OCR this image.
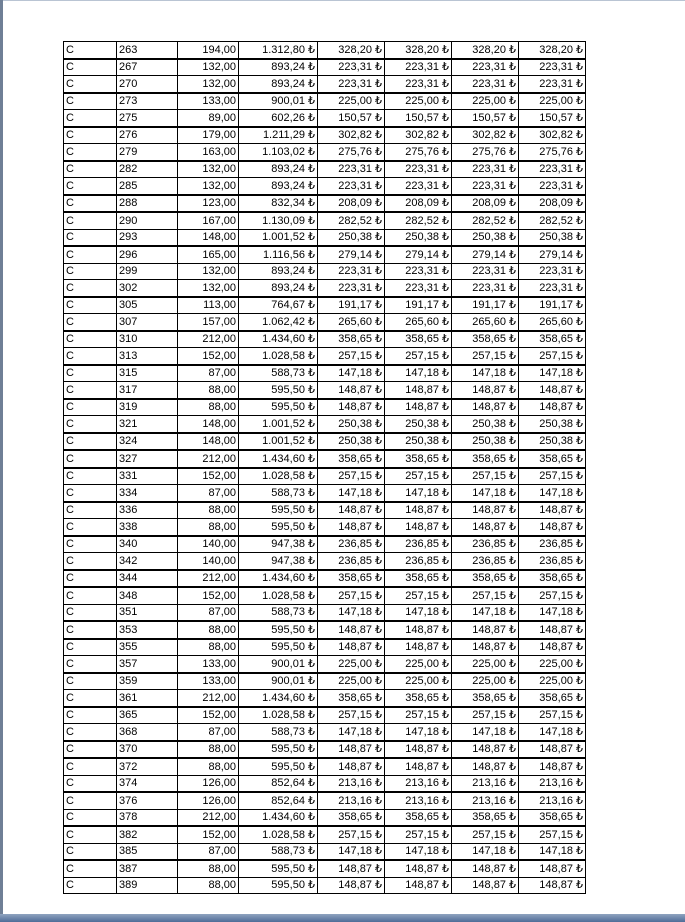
C	263	194,00	1.312,80 ₺	328,20 ₺	328,20 ₺	328,20 ₺	328,20 ₺
C	267	132,00	893,24 ₺	223,31 ₺	223,31 ₺	223,31 ₺	223,31 ₺
C	270	132,00	893,24 ₺	223,31 ₺	223,31 ₺	223,31 ₺	223,31 ₺
C	273	133,00	900,01 ₺	225,00 ₺	225,00 ₺	225,00 ₺	225,00 ₺
C	275	89,00	602,26 ₺	150,57 ₺	150,57 ₺	150,57 ₺	150,57 ₺
C	276	179,00	1.211,29 ₺	302,82 ₺	302,82 ₺	302,82 ₺	302,82 ₺
C	279	163,00	1.103,02 ₺	275,76 ₺	275,76 ₺	275,76 ₺	275,76 ₺
C	282	132,00	893,24 ₺	223,31 ₺	223,31 ₺	223,31 ₺	223,31 ₺
C	285	132,00	893,24 ₺	223,31 ₺	223,31 ₺	223,31 ₺	223,31 ₺
C	288	123,00	832,34 ₺	208,09 ₺	208,09 ₺	208,09 ₺	208,09 ₺
C	290	167,00	1.130,09 ₺	282,52 ₺	282,52 ₺	282,52 ₺	282,52 ₺
C	293	148,00	1.001,52 ₺	250,38 ₺	250,38 ₺	250,38 ₺	250,38 ₺
C	296	165,00	1.116,56 ₺	279,14 ₺	279,14 ₺	279,14 ₺	279,14 ₺
C	299	132,00	893,24 ₺	223,31 ₺	223,31 ₺	223,31 ₺	223,31 ₺
C	302	132,00	893,24 ₺	223,31 ₺	223,31 ₺	223,31 ₺	223,31 ₺
C	305	113,00	764,67 ₺	191,17 ₺	191,17 ₺	191,17 ₺	191,17 ₺
C	307	157,00	1.062,42 ₺	265,60 ₺	265,60 ₺	265,60 ₺	265,60 ₺
C	310	212,00	1.434,60 ₺	358,65 ₺	358,65 ₺	358,65 ₺	358,65 ₺
C	313	152,00	1.028,58 ₺	257,15 ₺	257,15 ₺	257,15 ₺	257,15 ₺
C	315	87,00	588,73 ₺	147,18 ₺	147,18 ₺	147,18 ₺	147,18 ₺
C	317	88,00	595,50 ₺	148,87 ₺	148,87 ₺	148,87 ₺	148,87 ₺
C	319	88,00	595,50 ₺	148,87 ₺	148,87 ₺	148,87 ₺	148,87 ₺
C	321	148,00	1.001,52 ₺	250,38 ₺	250,38 ₺	250,38 ₺	250,38 ₺
C	324	148,00	1.001,52 ₺	250,38 ₺	250,38 ₺	250,38 ₺	250,38 ₺
C	327	212,00	1.434,60 ₺	358,65 ₺	358,65 ₺	358,65 ₺	358,65 ₺
C	331	152,00	1.028,58 ₺	257,15 ₺	257,15 ₺	257,15 ₺	257,15 ₺
C	334	87,00	588,73 ₺	147,18 ₺	147,18 ₺	147,18 ₺	147,18 ₺
C	336	88,00	595,50 ₺	148,87 ₺	148,87 ₺	148,87 ₺	148,87 ₺
C	338	88,00	595,50 ₺	148,87 ₺	148,87 ₺	148,87 ₺	148,87 ₺
C	340	140,00	947,38 ₺	236,85 ₺	236,85 ₺	236,85 ₺	236,85 ₺
C	342	140,00	947,38 ₺	236,85 ₺	236,85 ₺	236,85 ₺	236,85 ₺
C	344	212,00	1.434,60 ₺	358,65 ₺	358,65 ₺	358,65 ₺	358,65 ₺
C	348	152,00	1.028,58 ₺	257,15 ₺	257,15 ₺	257,15 ₺	257,15 ₺
C	351	87,00	588,73 ₺	147,18 ₺	147,18 ₺	147,18 ₺	147,18 ₺
C	353	88,00	595,50 ₺	148,87 ₺	148,87 ₺	148,87 ₺	148,87 ₺
C	355	88,00	595,50 ₺	148,87 ₺	148,87 ₺	148,87 ₺	148,87 ₺
C	357	133,00	900,01 ₺	225,00 ₺	225,00 ₺	225,00 ₺	225,00 ₺
C	359	133,00	900,01 ₺	225,00 ₺	225,00 ₺	225,00 ₺	225,00 ₺
C	361	212,00	1.434,60 ₺	358,65 ₺	358,65 ₺	358,65 ₺	358,65 ₺
C	365	152,00	1.028,58 ₺	257,15 ₺	257,15 ₺	257,15 ₺	257,15 ₺
C	368	87,00	588,73 ₺	147,18 ₺	147,18 ₺	147,18 ₺	147,18 ₺
C	370	88,00	595,50 ₺	148,87 ₺	148,87 ₺	148,87 ₺	148,87 ₺
C	372	88,00	595,50 ₺	148,87 ₺	148,87 ₺	148,87 ₺	148,87 ₺
C	374	126,00	852,64 ₺	213,16 ₺	213,16 ₺	213,16 ₺	213,16 ₺
C	376	126,00	852,64 ₺	213,16 ₺	213,16 ₺	213,16 ₺	213,16 ₺
C	378	212,00	1.434,60 ₺	358,65 ₺	358,65 ₺	358,65 ₺	358,65 ₺
C	382	152,00	1.028,58 ₺	257,15 ₺	257,15 ₺	257,15 ₺	257,15 ₺
C	385	87,00	588,73 ₺	147,18 ₺	147,18 ₺	147,18 ₺	147,18 ₺
C	387	88,00	595,50 ₺	148,87 ₺	148,87 ₺	148,87 ₺	148,87 ₺
C	389	88,00	595,50 ₺	148,87 ₺	148,87 ₺	148,87 ₺	148,87 ₺
